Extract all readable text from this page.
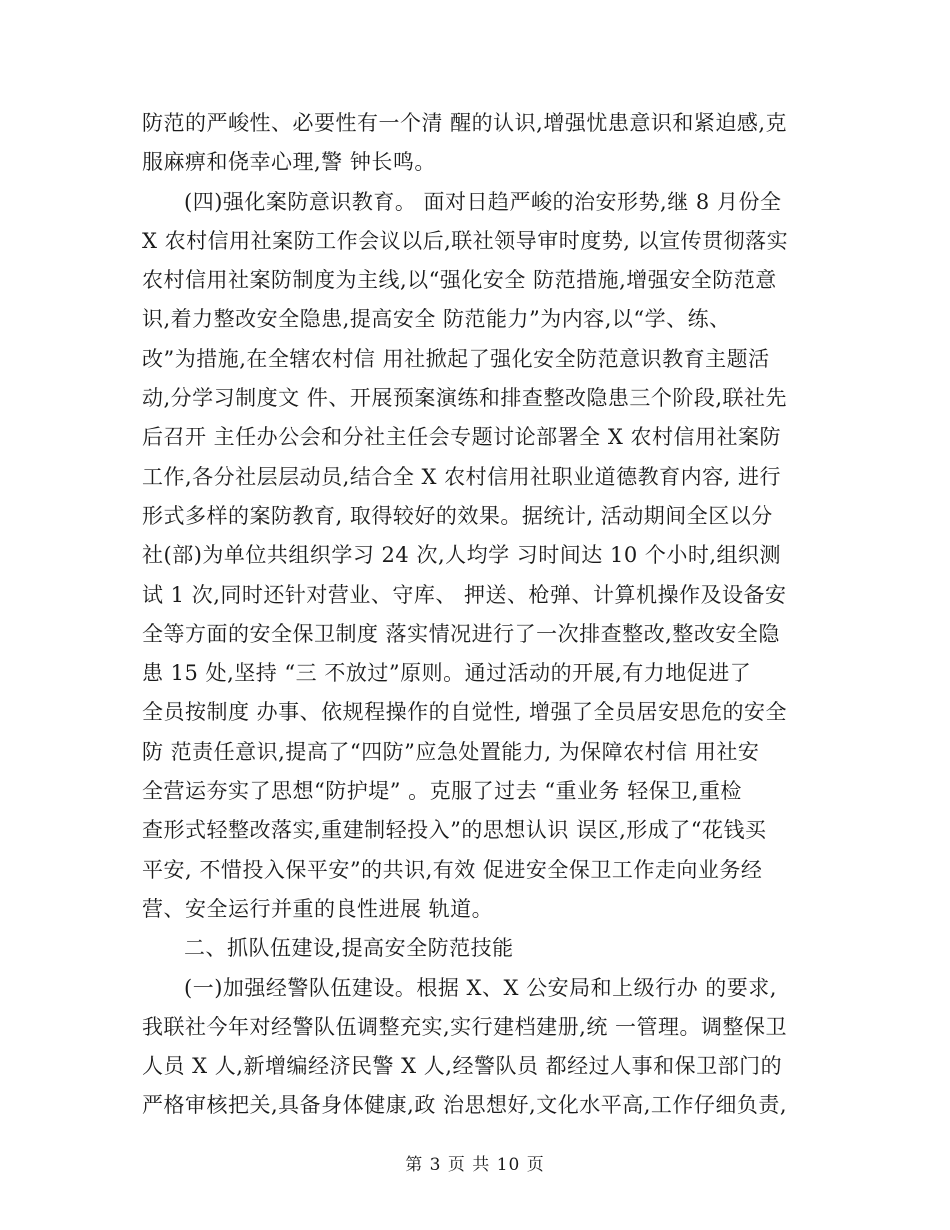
防范的严峻性、必要性有一个清 醒的认识,增强忧患意识和紧迫感,克
服麻痹和侥幸心理,警 钟长鸣。
(四)强化案防意识教育。 面对日趋严峻的治安形势,继 8 月份全
X 农村信用社案防工作会议以后,联社领导审时度势, 以宣传贯彻落实
农村信用社案防制度为主线,以“强化安全 防范措施,增强安全防范意
识,着力整改安全隐患,提高安全 防范能力”为内容,以“学、练、
改”为措施,在全辖农村信 用社掀起了强化安全防范意识教育主题活
动,分学习制度文 件、开展预案演练和排查整改隐患三个阶段,联社先
后召开 主任办公会和分社主任会专题讨论部署全 X 农村信用社案防
工作,各分社层层动员,结合全 X 农村信用社职业道德教育内容, 进行
形式多样的案防教育, 取得较好的效果。据统计, 活动期间全区以分
社(部)为单位共组织学习 24 次,人均学 习时间达 10 个小时,组织测
试 1 次,同时还针对营业、守库、 押送、枪弹、计算机操作及设备安
全等方面的安全保卫制度 落实情况进行了一次排查整改,整改安全隐
患 15 处,坚持 “三 不放过”原则。通过活动的开展,有力地促进了
全员按制度 办事、依规程操作的自觉性, 增强了全员居安思危的安全
防 范责任意识,提高了“四防”应急处置能力, 为保障农村信 用社安
全营运夯实了思想“防护堤” 。克服了过去 “重业务 轻保卫,重检
查形式轻整改落实,重建制轻投入”的思想认识 误区,形成了“花钱买
平安, 不惜投入保平安”的共识,有效 促进安全保卫工作走向业务经
营、安全运行并重的良性进展 轨道。
二、抓队伍建设,提高安全防范技能
(一)加强经警队伍建设。根据 X、X 公安局和上级行办 的要求,
我联社今年对经警队伍调整充实,实行建档建册,统 一管理。调整保卫
人员 X 人,新增编经济民警 X 人,经警队员 都经过人事和保卫部门的
严格审核把关,具备身体健康,政 治思想好,文化水平高,工作仔细负责,
第 3 页 共 10 页
